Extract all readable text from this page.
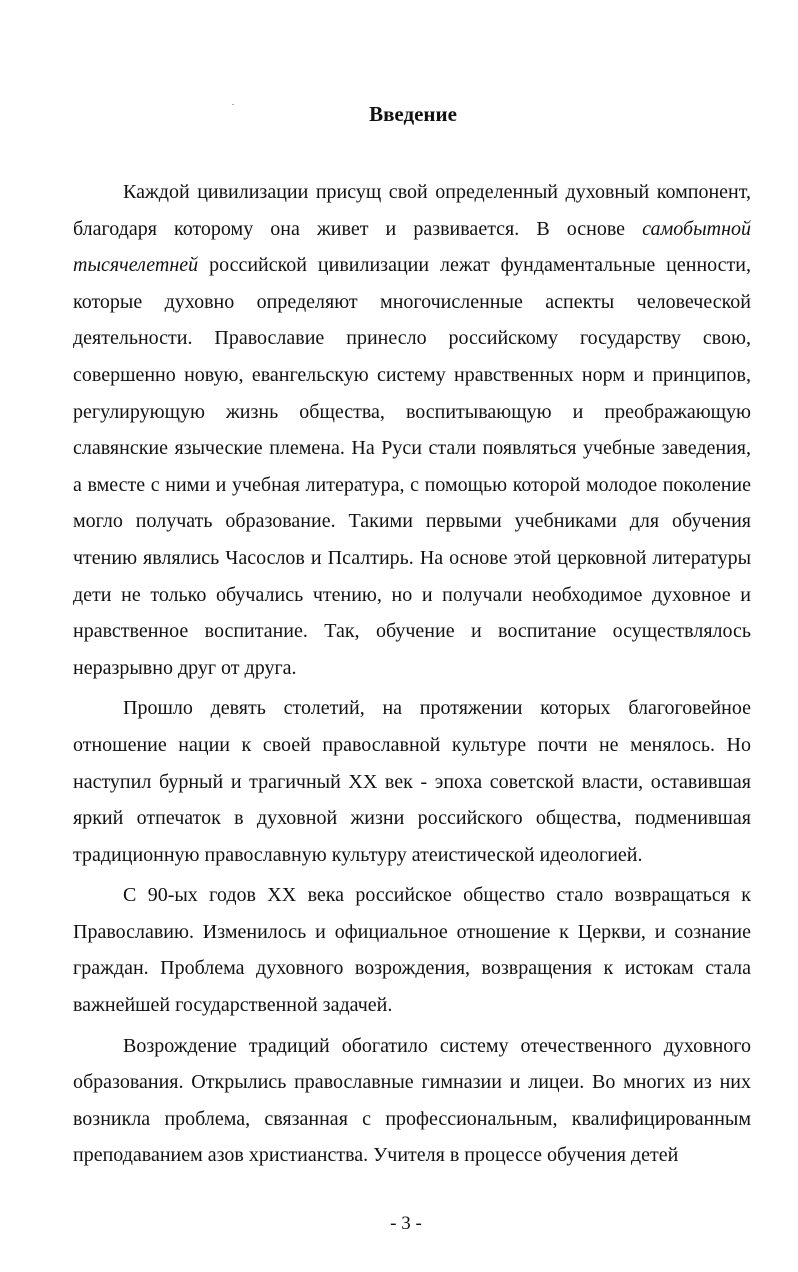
Введение

Каждой цивилизации присущ свой определенный духовный компонент, благодаря которому она живет и развивается. В основе самобытной тысячелетней российской цивилизации лежат фундаментальные ценности, которые духовно определяют многочисленные аспекты человеческой деятельности. Православие принесло российскому государству свою, совершенно новую, евангельскую систему нравственных норм и принципов, регулирующую жизнь общества, воспитывающую и преображающую славянские языческие племена. На Руси стали появляться учебные заведения, а вместе с ними и учебная литература, с помощью которой молодое поколение могло получать образование. Такими первыми учебниками для обучения чтению являлись Часослов и Псалтирь. На основе этой церковной литературы дети не только обучались чтению, но и получали необходимое духовное и нравственное воспитание. Так, обучение и воспитание осуществлялось неразрывно друг от друга.

Прошло девять столетий, на протяжении которых благоговейное отношение нации к своей православной культуре почти не менялось. Но наступил бурный и трагичный XX век - эпоха советской власти, оставившая яркий отпечаток в духовной жизни российского общества, подменившая традиционную православную культуру атеистической идеологией.

С 90-ых годов XX века российское общество стало возвращаться к Православию. Изменилось и официальное отношение к Церкви, и сознание граждан. Проблема духовного возрождения, возвращения к истокам стала важнейшей государственной задачей.

Возрождение традиций обогатило систему отечественного духовного образования. Открылись православные гимназии и лицеи. Во многих из них возникла проблема, связанная с профессиональным, квалифицированным преподаванием азов христианства. Учителя в процессе обучения детей

- 3 -
